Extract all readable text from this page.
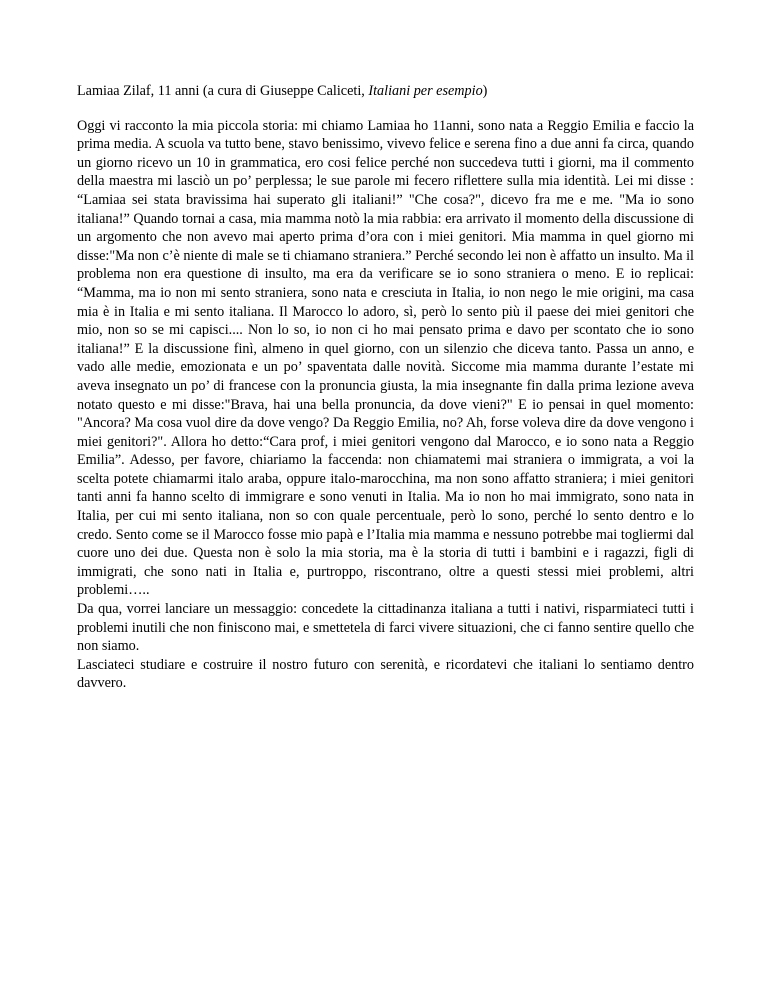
Lamiaa Zilaf, 11 anni (a cura di Giuseppe Caliceti, Italiani per esempio)

Oggi vi racconto la mia piccola storia: mi chiamo Lamiaa ho 11anni, sono nata a Reggio Emilia e faccio la prima media. A scuola va tutto bene, stavo benissimo, vivevo felice e serena fino a due anni fa circa, quando un giorno ricevo un 10 in grammatica, ero cosi felice perché non succedeva tutti i giorni, ma il commento della maestra mi lasciò un po’ perplessa; le sue parole mi fecero riflettere sulla mia identità. Lei mi disse : “Lamiaa sei stata bravissima hai superato gli italiani!” "Che cosa?", dicevo fra me e me. "Ma io sono italiana!” Quando tornai a casa, mia mamma notò la mia rabbia: era arrivato il momento della discussione di un argomento che non avevo mai aperto prima d’ora con i miei genitori. Mia mamma in quel giorno mi disse:"Ma non c’è niente di male se ti chiamano straniera.” Perché secondo lei non è affatto un insulto. Ma il problema non era questione di insulto, ma era da verificare se io sono straniera o meno. E io replicai: “Mamma, ma io non mi sento straniera, sono nata e cresciuta in Italia, io non nego le mie origini, ma casa mia è in Italia e mi sento italiana. Il Marocco lo adoro, sì, però lo sento più il paese dei miei genitori che mio, non so se mi capisci.... Non lo so, io non ci ho mai pensato prima e davo per scontato che io sono italiana!” E la discussione finì, almeno in quel giorno, con un silenzio che diceva tanto. Passa un anno, e vado alle medie, emozionata e un po’ spaventata dalle novità. Siccome mia mamma durante l’estate mi aveva insegnato un po’ di francese con la pronuncia giusta, la mia insegnante fin dalla prima lezione aveva notato questo e mi disse:"Brava, hai una bella pronuncia, da dove vieni?" E io pensai in quel momento: "Ancora? Ma cosa vuol dire da dove vengo? Da Reggio Emilia, no? Ah, forse voleva dire da dove vengono i miei genitori?". Allora ho detto:“Cara prof, i miei genitori vengono dal Marocco, e io sono nata a Reggio Emilia”. Adesso, per favore, chiariamo la faccenda: non chiamatemi mai straniera o immigrata, a voi la scelta potete chiamarmi italo araba, oppure italo-marocchina, ma non sono affatto straniera; i miei genitori tanti anni fa hanno scelto di immigrare e sono venuti in Italia. Ma io non ho mai immigrato, sono nata in Italia, per cui mi sento italiana, non so con quale percentuale, però lo sono, perché lo sento dentro e lo credo. Sento come se il Marocco fosse mio papà e l’Italia mia mamma e nessuno potrebbe mai togliermi dal cuore uno dei due. Questa non è solo la mia storia, ma è la storia di tutti i bambini e i ragazzi, figli di immigrati, che sono nati in Italia e, purtroppo, riscontrano, oltre a questi stessi miei problemi, altri problemi…..

Da qua, vorrei lanciare un messaggio: concedete la cittadinanza italiana a tutti i nativi, risparmiateci tutti i problemi inutili che non finiscono mai, e smettetela di farci vivere situazioni, che ci fanno sentire quello che non siamo.

Lasciateci studiare e costruire il nostro futuro con serenità, e ricordatevi che italiani lo sentiamo dentro davvero.
